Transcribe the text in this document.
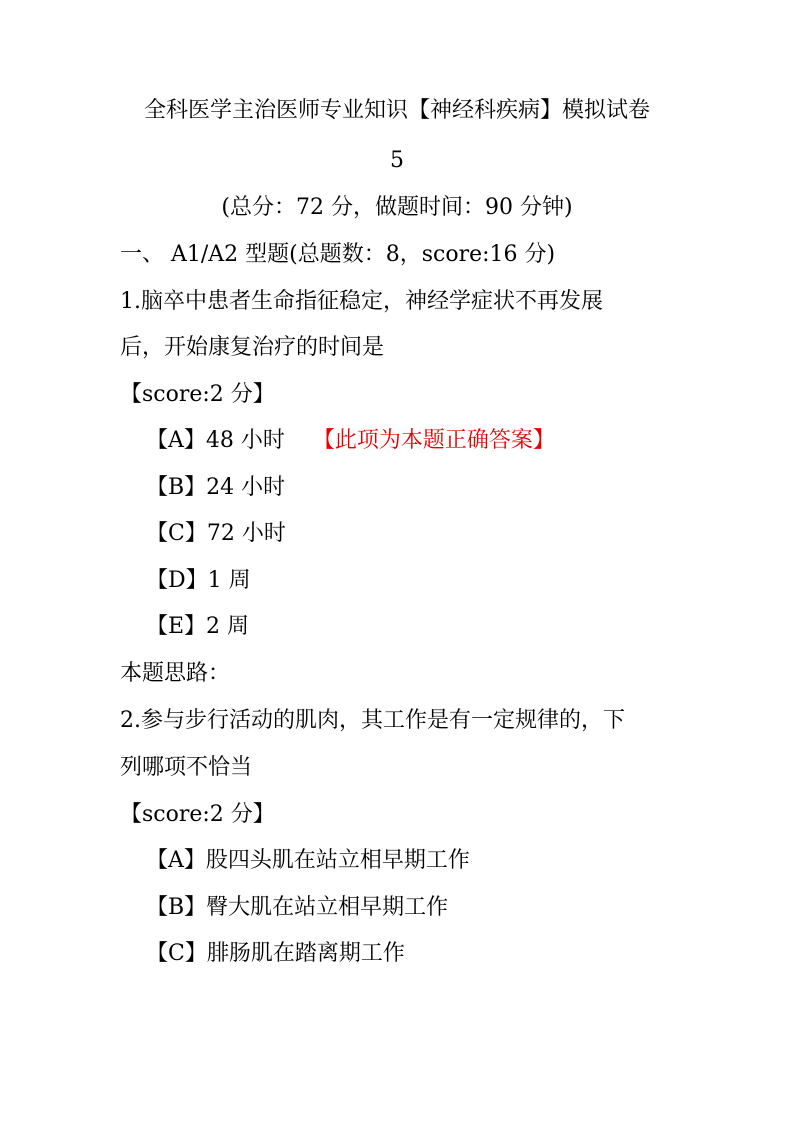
全科医学主治医师专业知识【神经科疾病】模拟试卷
5
(总分：72 分，做题时间：90 分钟)
一、 A1/A2 型题(总题数：8，score:16 分)
1.脑卒中患者生命指征稳定，神经学症状不再发展
后，开始康复治疗的时间是
【score:2 分】
【A】48 小时 【此项为本题正确答案】
【B】24 小时
【C】72 小时
【D】1 周
【E】2 周
本题思路：
2.参与步行活动的肌肉，其工作是有一定规律的，下
列哪项不恰当
【score:2 分】
【A】股四头肌在站立相早期工作
【B】臀大肌在站立相早期工作
【C】腓肠肌在踏离期工作
